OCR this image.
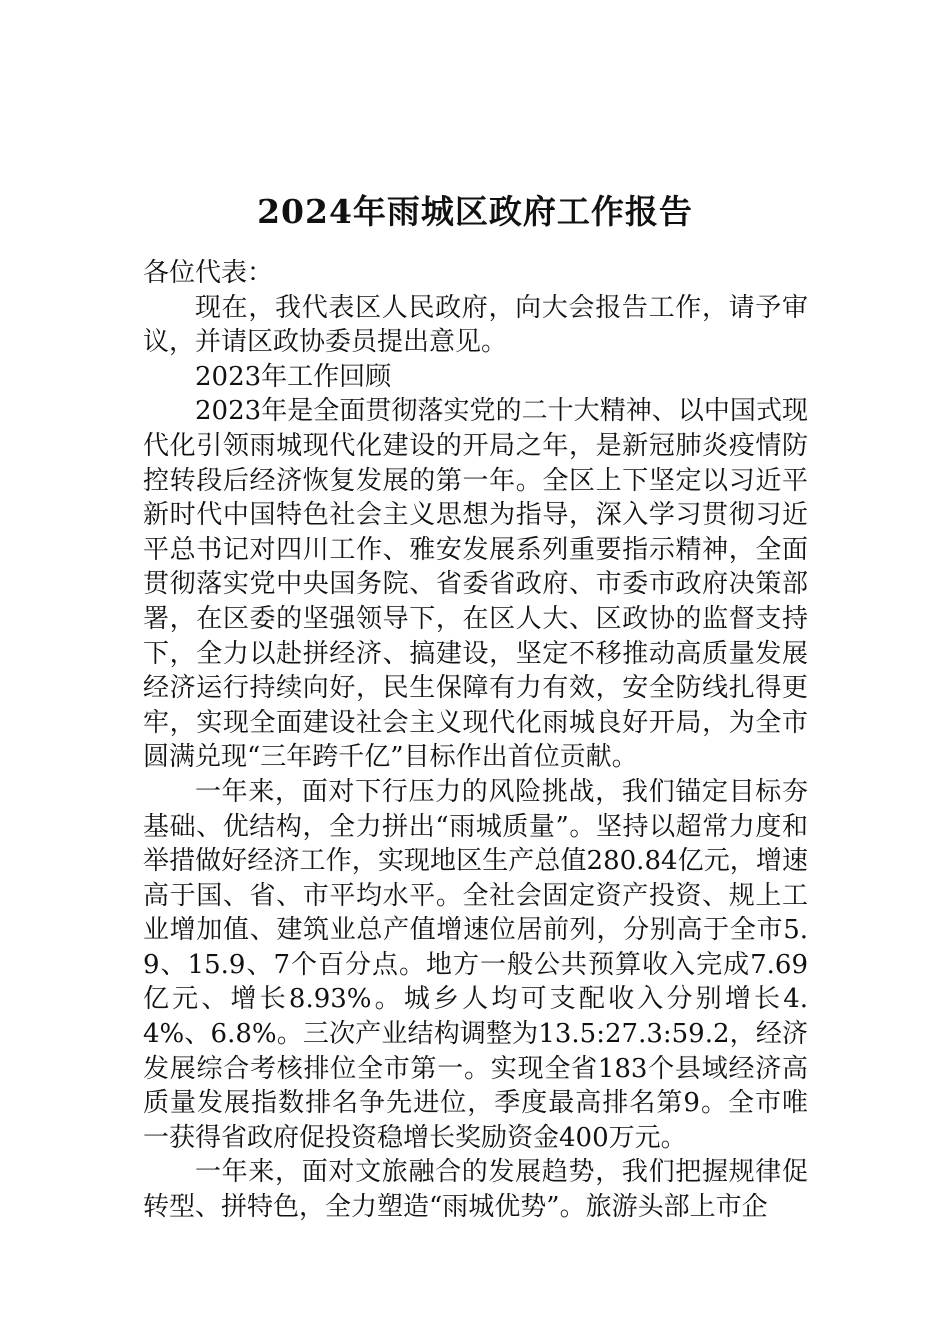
2024年雨城区政府工作报告

各位代表：

现在，我代表区人民政府，向大会报告工作，请予审议，并请区政协委员提出意见。

2023年工作回顾

2023年是全面贯彻落实党的二十大精神、以中国式现代化引领雨城现代化建设的开局之年，是新冠肺炎疫情防控转段后经济恢复发展的第一年。全区上下坚定以习近平新时代中国特色社会主义思想为指导，深入学习贯彻习近平总书记对四川工作、雅安发展系列重要指示精神，全面贯彻落实党中央国务院、省委省政府、市委市政府决策部署，在区委的坚强领导下，在区人大、区政协的监督支持下，全力以赴拼经济、搞建设，坚定不移推动高质量发展经济运行持续向好，民生保障有力有效，安全防线扎得更牢，实现全面建设社会主义现代化雨城良好开局，为全市圆满兑现“三年跨千亿”目标作出首位贡献。

一年来，面对下行压力的风险挑战，我们锚定目标夯基础、优结构，全力拼出“雨城质量”。坚持以超常力度和举措做好经济工作，实现地区生产总值280.84亿元，增速高于国、省、市平均水平。全社会固定资产投资、规上工业增加值、建筑业总产值增速位居前列，分别高于全市5.9、15.9、7个百分点。地方一般公共预算收入完成7.69亿元、增长8.93%。城乡人均可支配收入分别增长4.4%、6.8%。三次产业结构调整为13.5:27.3:59.2，经济发展综合考核排位全市第一。实现全省183个县域经济高质量发展指数排名争先进位，季度最高排名第9。全市唯一获得省政府促投资稳增长奖励资金400万元。

一年来，面对文旅融合的发展趋势，我们把握规律促转型、拼特色，全力塑造“雨城优势”。旅游头部上市企
